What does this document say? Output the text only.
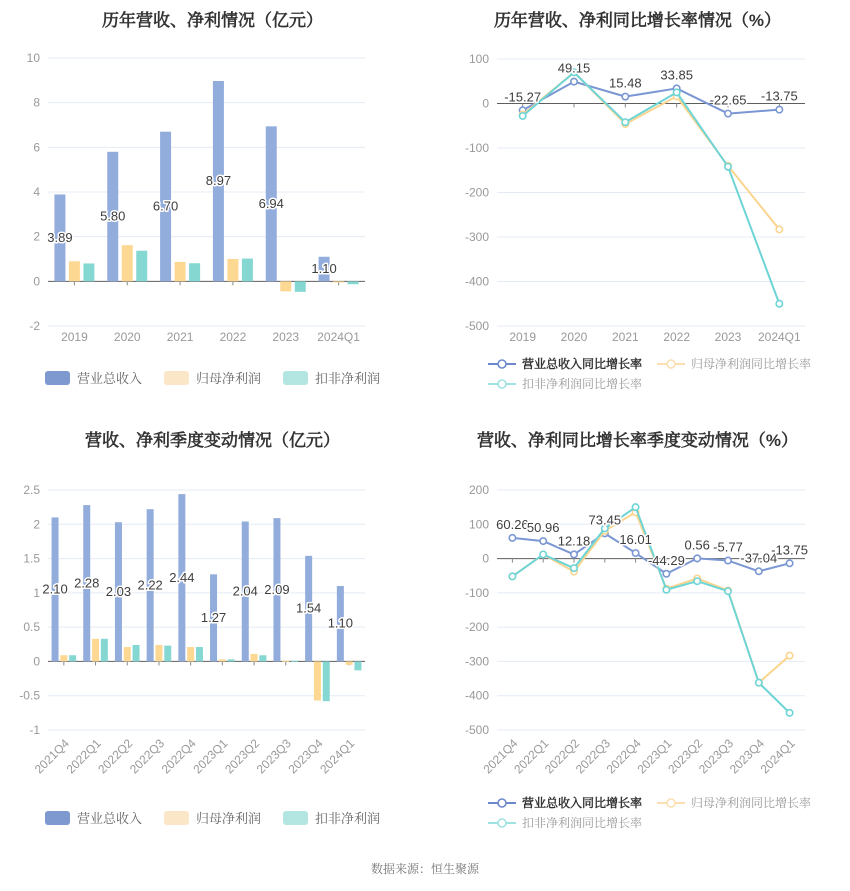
历年营收、净利情况（亿元）
10
8
6
4
2
0
-2
2019 2020 2021 2022 2023 2024Q1
3.89
5.80
6.70
8.97
6.94
1.10
营业总收入	归母净利润	扣非净利润
历年营收、净利同比增长率情况（%）
100
0
-100
-200
-300
-400
-500
2019 2020 2021 2022 2023 2024Q1
-15.27
49.15
15.48
33.85
-22.65 -13.75
营业总收入同比增长率	归母净利润同比增长率
扣非净利润同比增长率
营收、净利季度变动情况（亿元）
2.5
2
1.5
1
0.5
0
-0.5
-1
2021Q4
2022Q1
2022Q2
2022Q3
2022Q4
2023Q1
2023Q2
2023Q3
2023Q4
2024Q1
2.10 2.28
2.03 2.22
2.44
1.27
2.04 2.09
1.54
1.10
营业总收入	归母净利润	扣非净利润
营收、净利同比增长率季度变动情况（%）
200
100
0
-100
-200
-300
-400
-500
2021Q4
2022Q1
2022Q2
2022Q3
2022Q4
2023Q1
2023Q2
2023Q3
2023Q4
2024Q1
60.26
50.96
12.18
73.45
16.01
-44.29
0.56 -5.77
-37.04
-13.75
营业总收入同比增长率	归母净利润同比增长率
扣非净利润同比增长率
数据来源：恒生聚源
